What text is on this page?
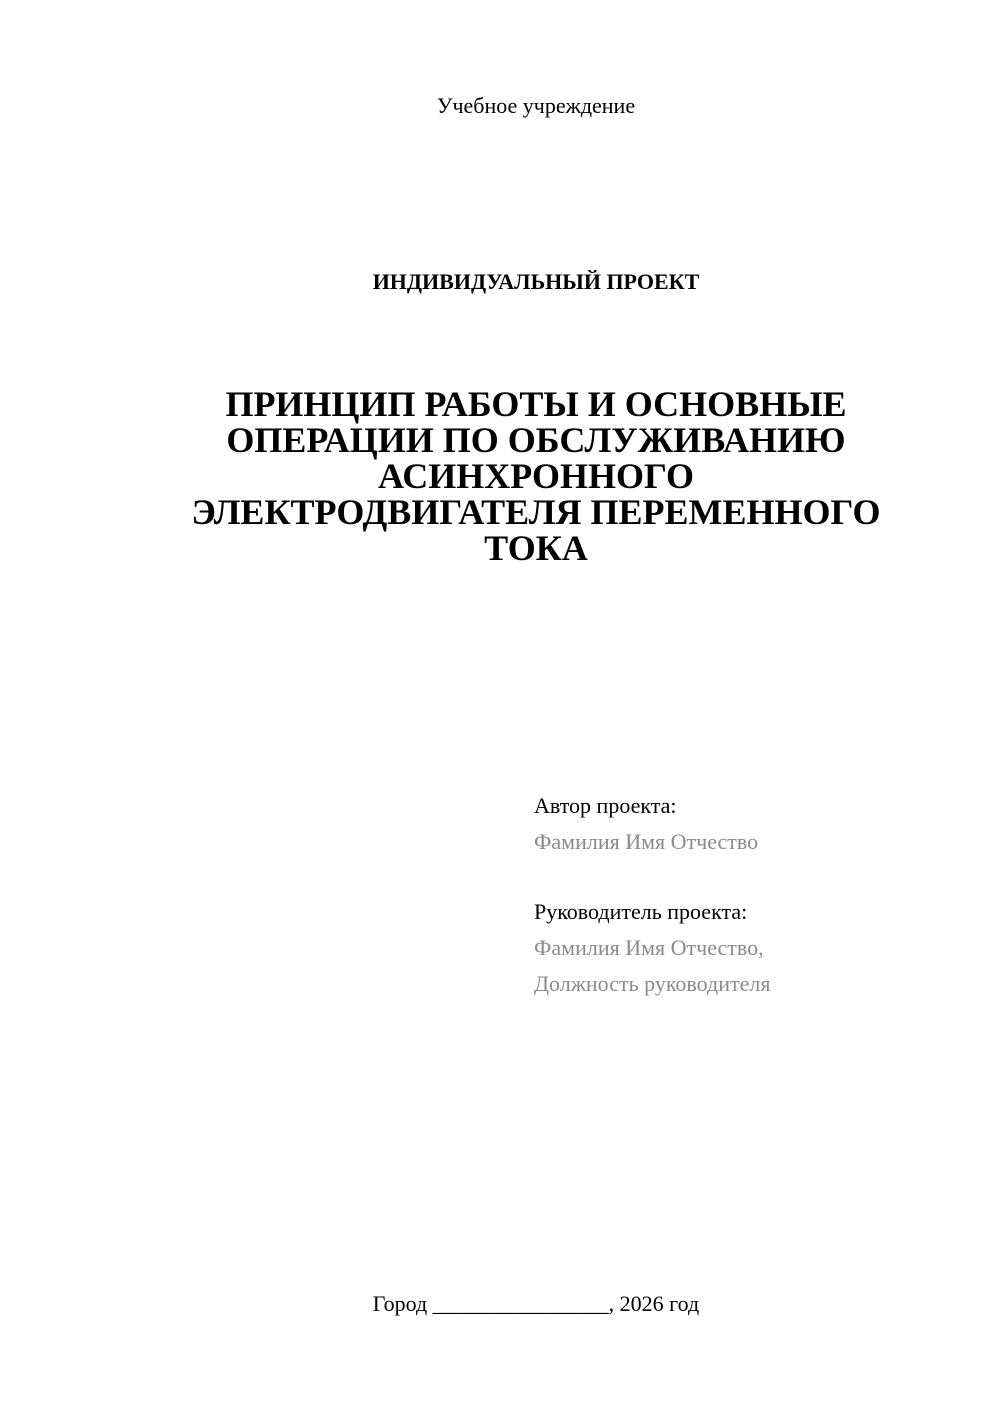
Учебное учреждение
ИНДИВИДУАЛЬНЫЙ ПРОЕКТ
ПРИНЦИП РАБОТЫ И ОСНОВНЫЕ
ОПЕРАЦИИ ПО ОБСЛУЖИВАНИЮ
АСИНХРОННОГО
ЭЛЕКТРОДВИГАТЕЛЯ ПЕРЕМЕННОГО
ТОКА
Автор проекта:
Фамилия Имя Отчество
Руководитель проекта:
Фамилия Имя Отчество,
Должность руководителя
Город ________________, 2026 год
